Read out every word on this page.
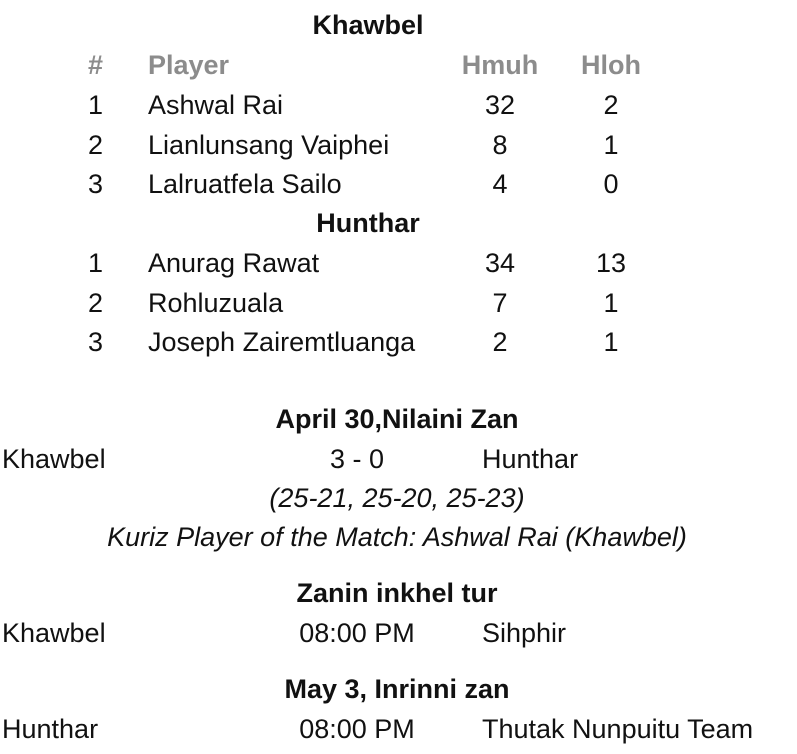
Khawbel
# Player	Hmuh Hloh
1 Ashwal Rai	32	2
2 Lianlunsang Vaiphei	8	1
3 Lalruatfela Sailo	4	0
Hunthar
1 Anurag Rawat	34	13
2 Rohluzuala	7	1
3 Joseph Zairemtluanga	2	1
April 30,Nilaini Zan
Khawbel	3 - 0	Hunthar
(25-21, 25-20, 25-23)
Kuriz Player of the Match: Ashwal Rai (Khawbel)
Zanin inkhel tur
Khawbel	08:00 PM Sihphir
May 3, Inrinni zan
Hunthar	08:00 PM Thutak Nunpuitu Team
